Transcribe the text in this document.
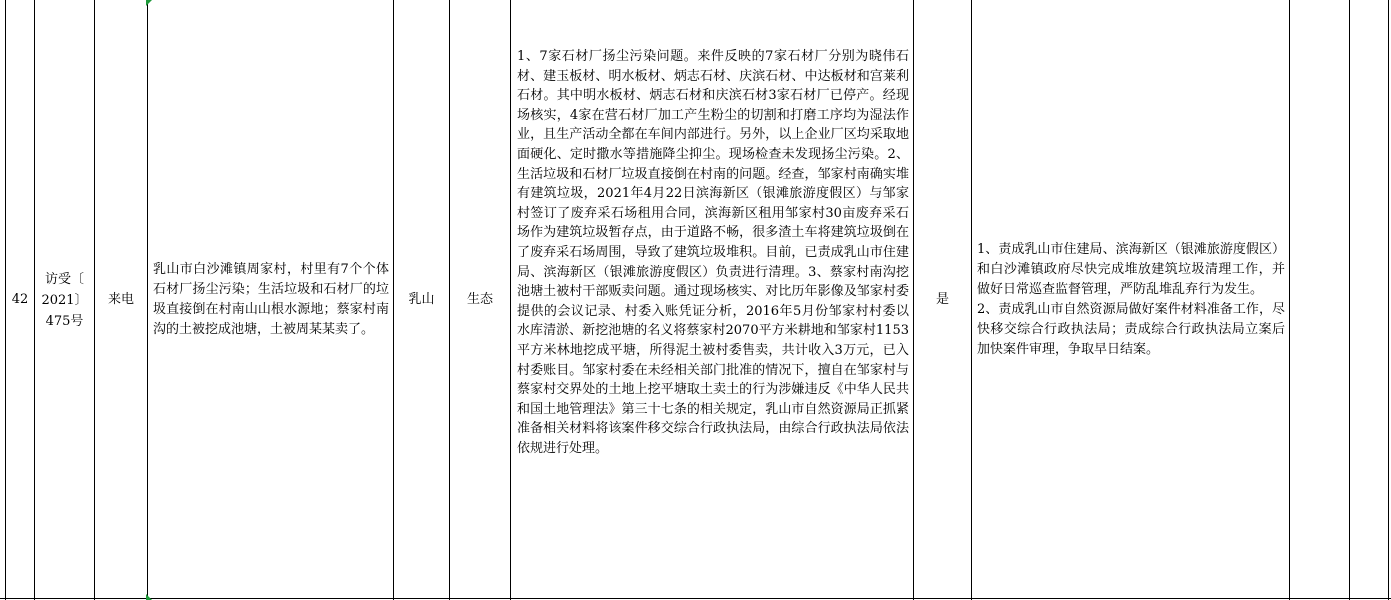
42
访受〔
2021〕
475号
来电
乳山市白沙滩镇周家村，村里有7个个体石材厂扬尘污染；生活垃圾和石材厂的垃圾直接倒在村南山山根水源地；蔡家村南沟的土被挖成池塘，土被周某某卖了。
乳山 生态
1、7家石材厂扬尘污染问题。来件反映的7家石材厂分别为晓伟石材、建玉板材、明水板材、炳志石材、庆滨石材、中达板材和宫莱利石材。其中明水板材、炳志石材和庆滨石材3家石材厂已停产。经现场核实，4家在营石材厂加工产生粉尘的切割和打磨工序均为湿法作业，且生产活动全都在车间内部进行。另外，以上企业厂区均采取地面硬化、定时撒水等措施降尘抑尘。现场检查未发现扬尘污染。2、生活垃圾和石材厂垃圾直接倒在村南的问题。经查，邹家村南确实堆有建筑垃圾，2021年4月22日滨海新区（银滩旅游度假区）与邹家村签订了废弃采石场租用合同，滨海新区租用邹家村30亩废弃采石场作为建筑垃圾暂存点，由于道路不畅，很多渣土车将建筑垃圾倒在了废弃采石场周围，导致了建筑垃圾堆积。目前，已责成乳山市住建局、滨海新区（银滩旅游度假区）负责进行清理。3、蔡家村南沟挖池塘土被村干部贩卖问题。通过现场核实、对比历年影像及邹家村委提供的会议记录、村委入账凭证分析，2016年5月份邹家村村委以水库清淤、新挖池塘的名义将蔡家村2070平方米耕地和邹家村1153平方米林地挖成平塘，所得泥土被村委售卖，共计收入3万元，已入村委账目。邹家村委在未经相关部门批准的情况下，擅自在邹家村与蔡家村交界处的土地上挖平塘取土卖土的行为涉嫌违反《中华人民共和国土地管理法》第三十七条的相关规定，乳山市自然资源局正抓紧准备相关材料将该案件移交综合行政执法局，由综合行政执法局依法依规进行处理。
是
1、责成乳山市住建局、滨海新区（银滩旅游度假区）和白沙滩镇政府尽快完成堆放建筑垃圾清理工作，并做好日常巡查监督管理，严防乱堆乱弃行为发生。
2、责成乳山市自然资源局做好案件材料准备工作，尽快移交综合行政执法局；责成综合行政执法局立案后加快案件审理，争取早日结案。
